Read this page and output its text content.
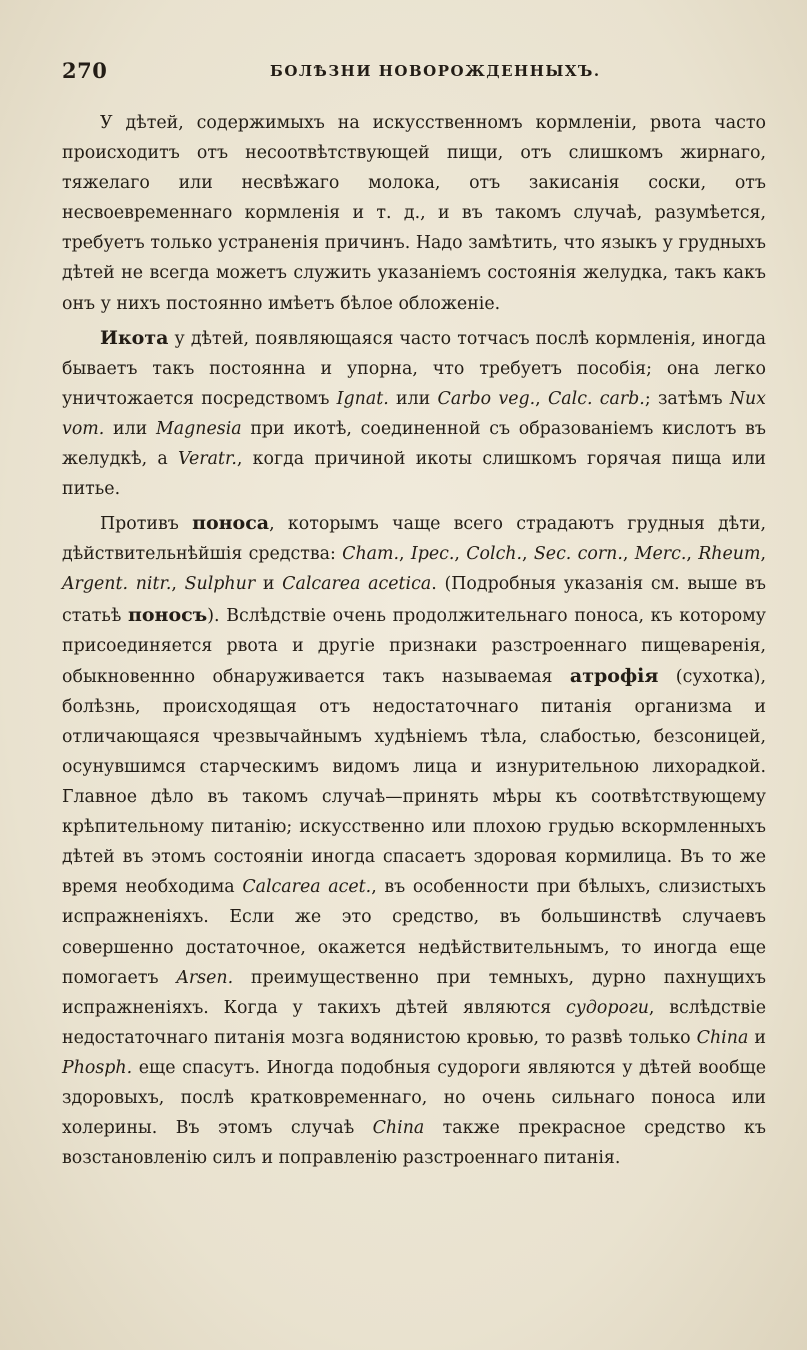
270	БОЛѢЗНИ НОВОРОЖДЕННЫХЪ.

У дѣтей, содержимыхъ на искусственномъ кормленіи, рвота часто происходитъ отъ несоотвѣтствующей пищи, отъ слишкомъ жирнаго, тяжелаго или несвѣжаго молока, отъ закисанія соски, отъ несвоевременнаго кормленія и т. д., и въ такомъ случаѣ, разумѣется, требуетъ только устраненія причинъ. Надо замѣтить, что языкъ у грудныхъ дѣтей не всегда можетъ служить указаніемъ состоянія желудка, такъ какъ онъ у нихъ постоянно имѣетъ бѣлое обложеніе.

Икота у дѣтей, появляющаяся часто тотчасъ послѣ кормленія, иногда бываетъ такъ постоянна и упорна, что требуетъ пособія; она легко уничтожается посредствомъ Ignat. или Carbo veg., Calc. carb.; затѣмъ Nux vom. или Magnesia при икотѣ, соединенной съ образованіемъ кислотъ въ желудкѣ, а Veratr., когда причиной икоты слишкомъ горячая пища или питье.

Противъ поноса, которымъ чаще всего страдаютъ грудныя дѣти, дѣйствительнѣйшія средства: Cham., Ipec., Colch., Sec. corn., Merc., Rheum, Argent. nitr., Sulphur и Calcarea acetica. (Подробныя указанія см. выше въ статьѣ поносъ). Вслѣдствіе очень продолжительнаго поноса, къ которому присоединяется рвота и другіе признаки разстроеннаго пищеваренія, обыкновеннно обнаруживается такъ называемая атрофія (сухотка), болѣзнь, происходящая отъ недостаточнаго питанія организма и отличающаяся чрезвычайнымъ худѣніемъ тѣла, слабостью, безсоницей, осунувшимся старческимъ видомъ лица и изнурительною лихорадкой. Главное дѣло въ такомъ случаѣ—принять мѣры къ соотвѣтствующему крѣпительному питанію; искусственно или плохою грудью вскормленныхъ дѣтей въ этомъ состояніи иногда спасаетъ здоровая кормилица. Въ то же время необходима Calcarea acet., въ особенности при бѣлыхъ, слизистыхъ испражненіяхъ. Если же это средство, въ большинствѣ случаевъ совершенно достаточное, окажется недѣйствительнымъ, то иногда еще помогаетъ Arsen. преимущественно при темныхъ, дурно пахнущихъ испражненіяхъ. Когда у такихъ дѣтей являются судороги, вслѣдствіе недостаточнаго питанія мозга водянистою кровью, то развѣ только China и Phosph. еще спасутъ. Иногда подобныя судороги являются у дѣтей вообще здоровыхъ, послѣ кратковременнаго, но очень сильнаго поноса или холерины. Въ этомъ случаѣ China также прекрасное средство къ возстановленію силъ и поправленію разстроеннаго питанія.
